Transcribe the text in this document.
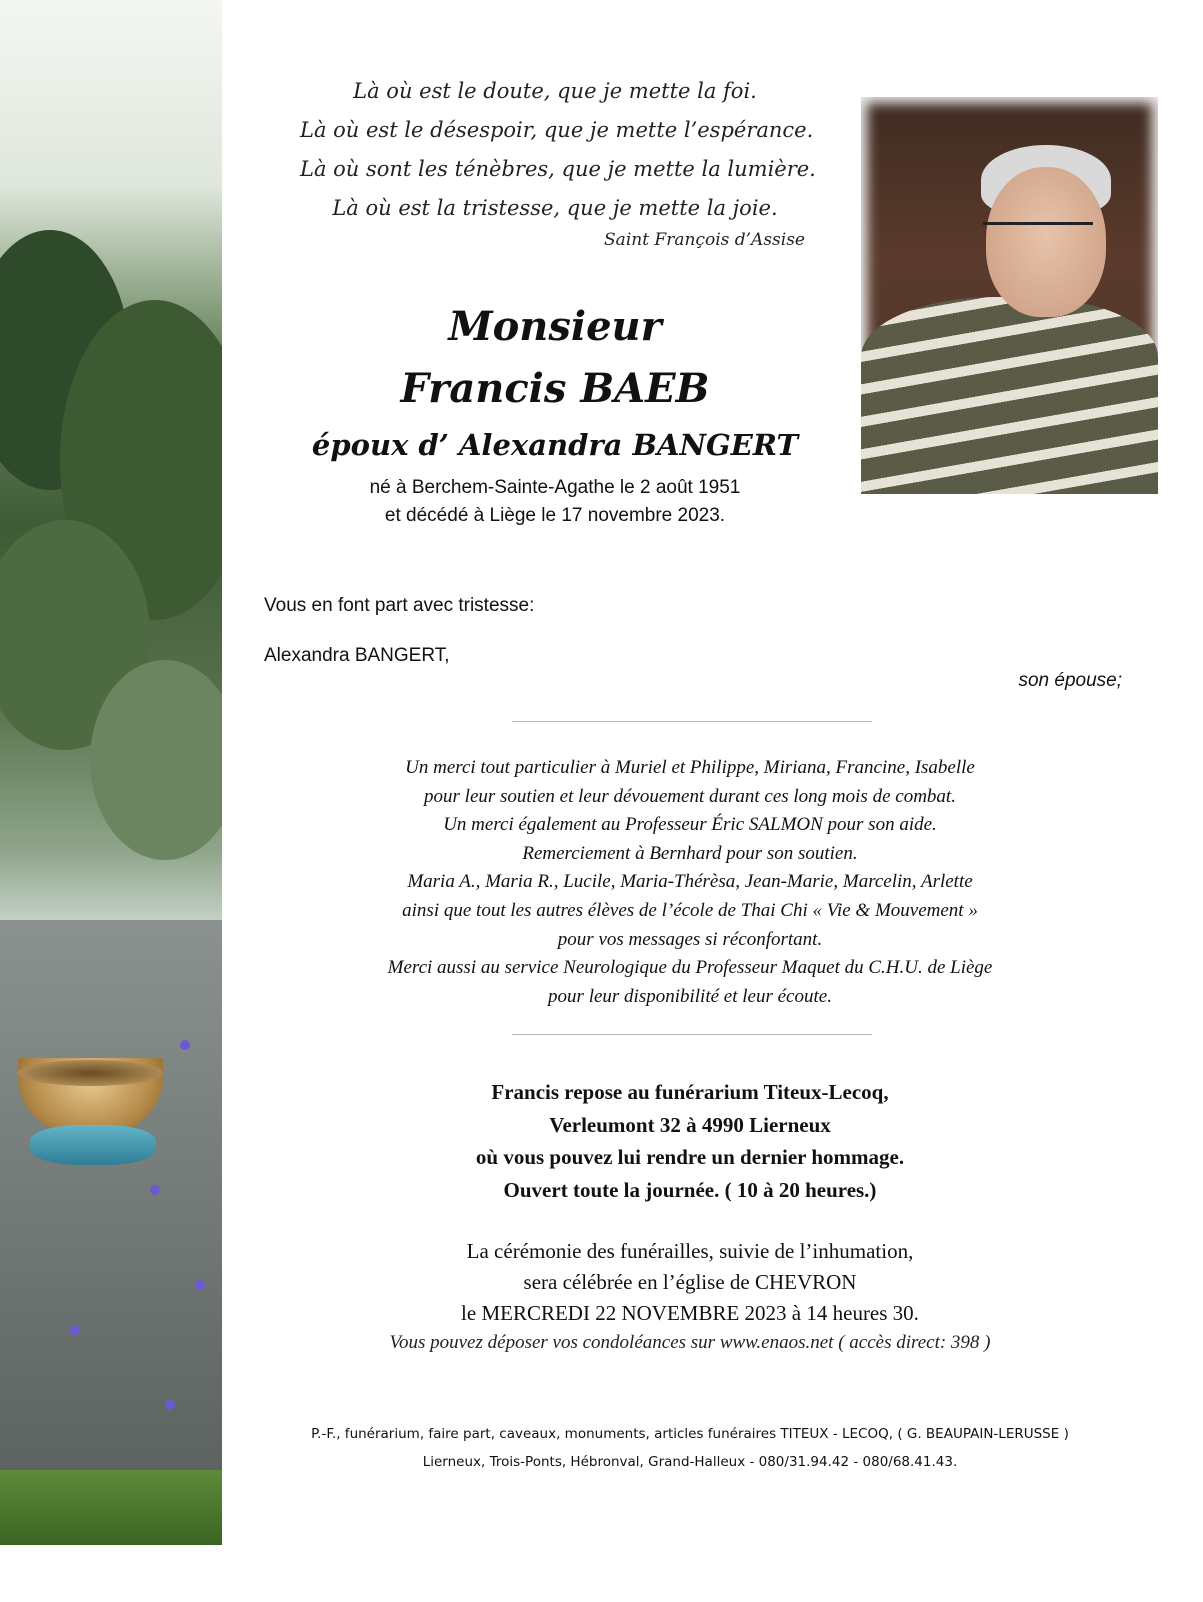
Là où est le doute, que je mette la foi.
Là où est le désespoir, que je mette l’espérance.
Là où sont les ténèbres, que je mette la lumière.
Là où est la tristesse, que je mette la joie.
Saint François d’Assise
Monsieur
Francis BAEB
époux d’ Alexandra BANGERT
né à Berchem-Sainte-Agathe le 2 août 1951
et décédé à Liège le 17 novembre 2023.
Vous en font part avec tristesse:
Alexandra BANGERT,
son épouse;
Un merci tout particulier à Muriel et Philippe, Miriana, Francine, Isabelle
pour leur soutien et leur dévouement durant ces long mois de combat.
Un merci également au Professeur Éric SALMON pour son aide.
Remerciement à Bernhard pour son soutien.
Maria A., Maria R., Lucile, Maria-Thérèsa, Jean-Marie, Marcelin, Arlette
ainsi que tout les autres élèves de l’école de Thai Chi « Vie & Mouvement »
pour vos messages si réconfortant.
Merci aussi au service Neurologique du Professeur Maquet du C.H.U. de Liège
pour leur disponibilité et leur écoute.
Francis repose au funérarium Titeux-Lecoq,
Verleumont 32 à 4990 Lierneux
où vous pouvez lui rendre un dernier hommage.
Ouvert toute la journée. ( 10 à 20 heures.)
La cérémonie des funérailles, suivie de l’inhumation,
sera célébrée en l’église de CHEVRON
le MERCREDI 22 NOVEMBRE 2023 à 14 heures 30.
Vous pouvez déposer vos condoléances sur www.enaos.net ( accès direct: 398 )
P.-F., funérarium, faire part, caveaux, monuments, articles funéraires TITEUX - LECOQ, ( G. BEAUPAIN-LERUSSE )
Lierneux, Trois-Ponts, Hébronval, Grand-Halleux - 080/31.94.42 - 080/68.41.43.
